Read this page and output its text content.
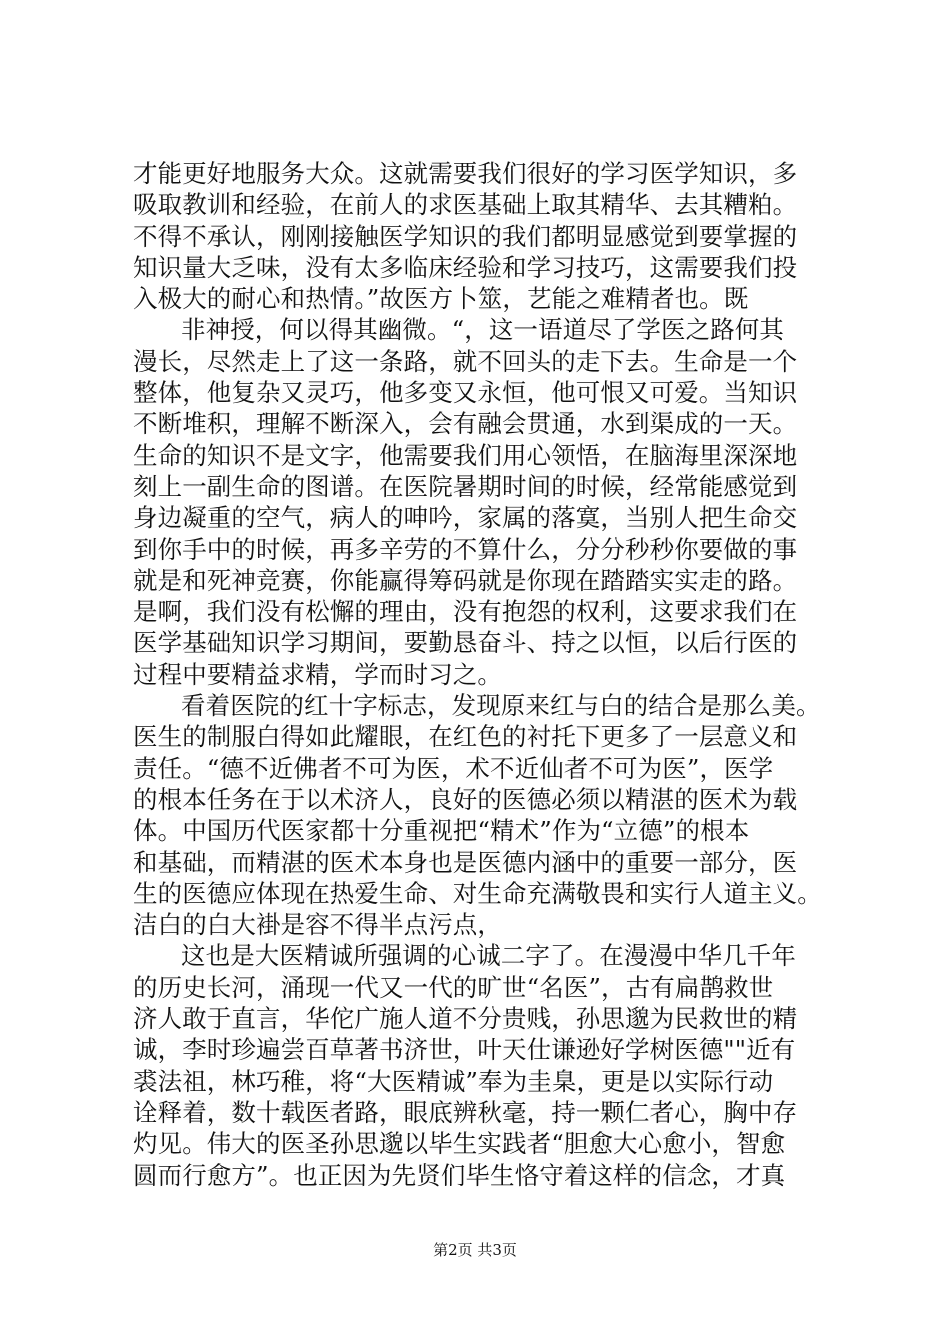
才能更好地服务大众。这就需要我们很好的学习医学知识，多
吸取教训和经验，在前人的求医基础上取其精华、去其糟粕。
不得不承认，刚刚接触医学知识的我们都明显感觉到要掌握的
知识量大乏味，没有太多临床经验和学习技巧，这需要我们投
入极大的耐心和热情。”故医方卜筮，艺能之难精者也。既
非神授，何以得其幽微。“，这一语道尽了学医之路何其
漫长，尽然走上了这一条路，就不回头的走下去。生命是一个
整体，他复杂又灵巧，他多变又永恒，他可恨又可爱。当知识
不断堆积，理解不断深入，会有融会贯通，水到渠成的一天。
生命的知识不是文字，他需要我们用心领悟，在脑海里深深地
刻上一副生命的图谱。在医院暑期时间的时候，经常能感觉到
身边凝重的空气，病人的呻吟，家属的落寞，当别人把生命交
到你手中的时候，再多辛劳的不算什么，分分秒秒你要做的事
就是和死神竞赛，你能赢得筹码就是你现在踏踏实实走的路。
是啊，我们没有松懈的理由，没有抱怨的权利，这要求我们在
医学基础知识学习期间，要勤恳奋斗、持之以恒，以后行医的
过程中要精益求精，学而时习之。
看着医院的红十字标志，发现原来红与白的结合是那么美。
医生的制服白得如此耀眼，在红色的衬托下更多了一层意义和
责任。“德不近佛者不可为医，术不近仙者不可为医”，医学
的根本任务在于以术济人，良好的医德必须以精湛的医术为载
体。中国历代医家都十分重视把“精术”作为“立德”的根本
和基础，而精湛的医术本身也是医德内涵中的重要一部分，医
生的医德应体现在热爱生命、对生命充满敬畏和实行人道主义。
洁白的白大褂是容不得半点污点，
这也是大医精诚所强调的心诚二字了。在漫漫中华几千年
的历史长河，涌现一代又一代的旷世“名医”，古有扁鹊救世
济人敢于直言，华佗广施人道不分贵贱，孙思邈为民救世的精
诚，李时珍遍尝百草著书济世，叶天仕谦逊好学树医德""近有
裘法祖，林巧稚，将“大医精诚”奉为圭臬，更是以实际行动
诠释着，数十载医者路，眼底辨秋毫，持一颗仁者心，胸中存
灼见。伟大的医圣孙思邈以毕生实践者“胆愈大心愈小，智愈
圆而行愈方”。也正因为先贤们毕生恪守着这样的信念，才真
第2页 共3页
